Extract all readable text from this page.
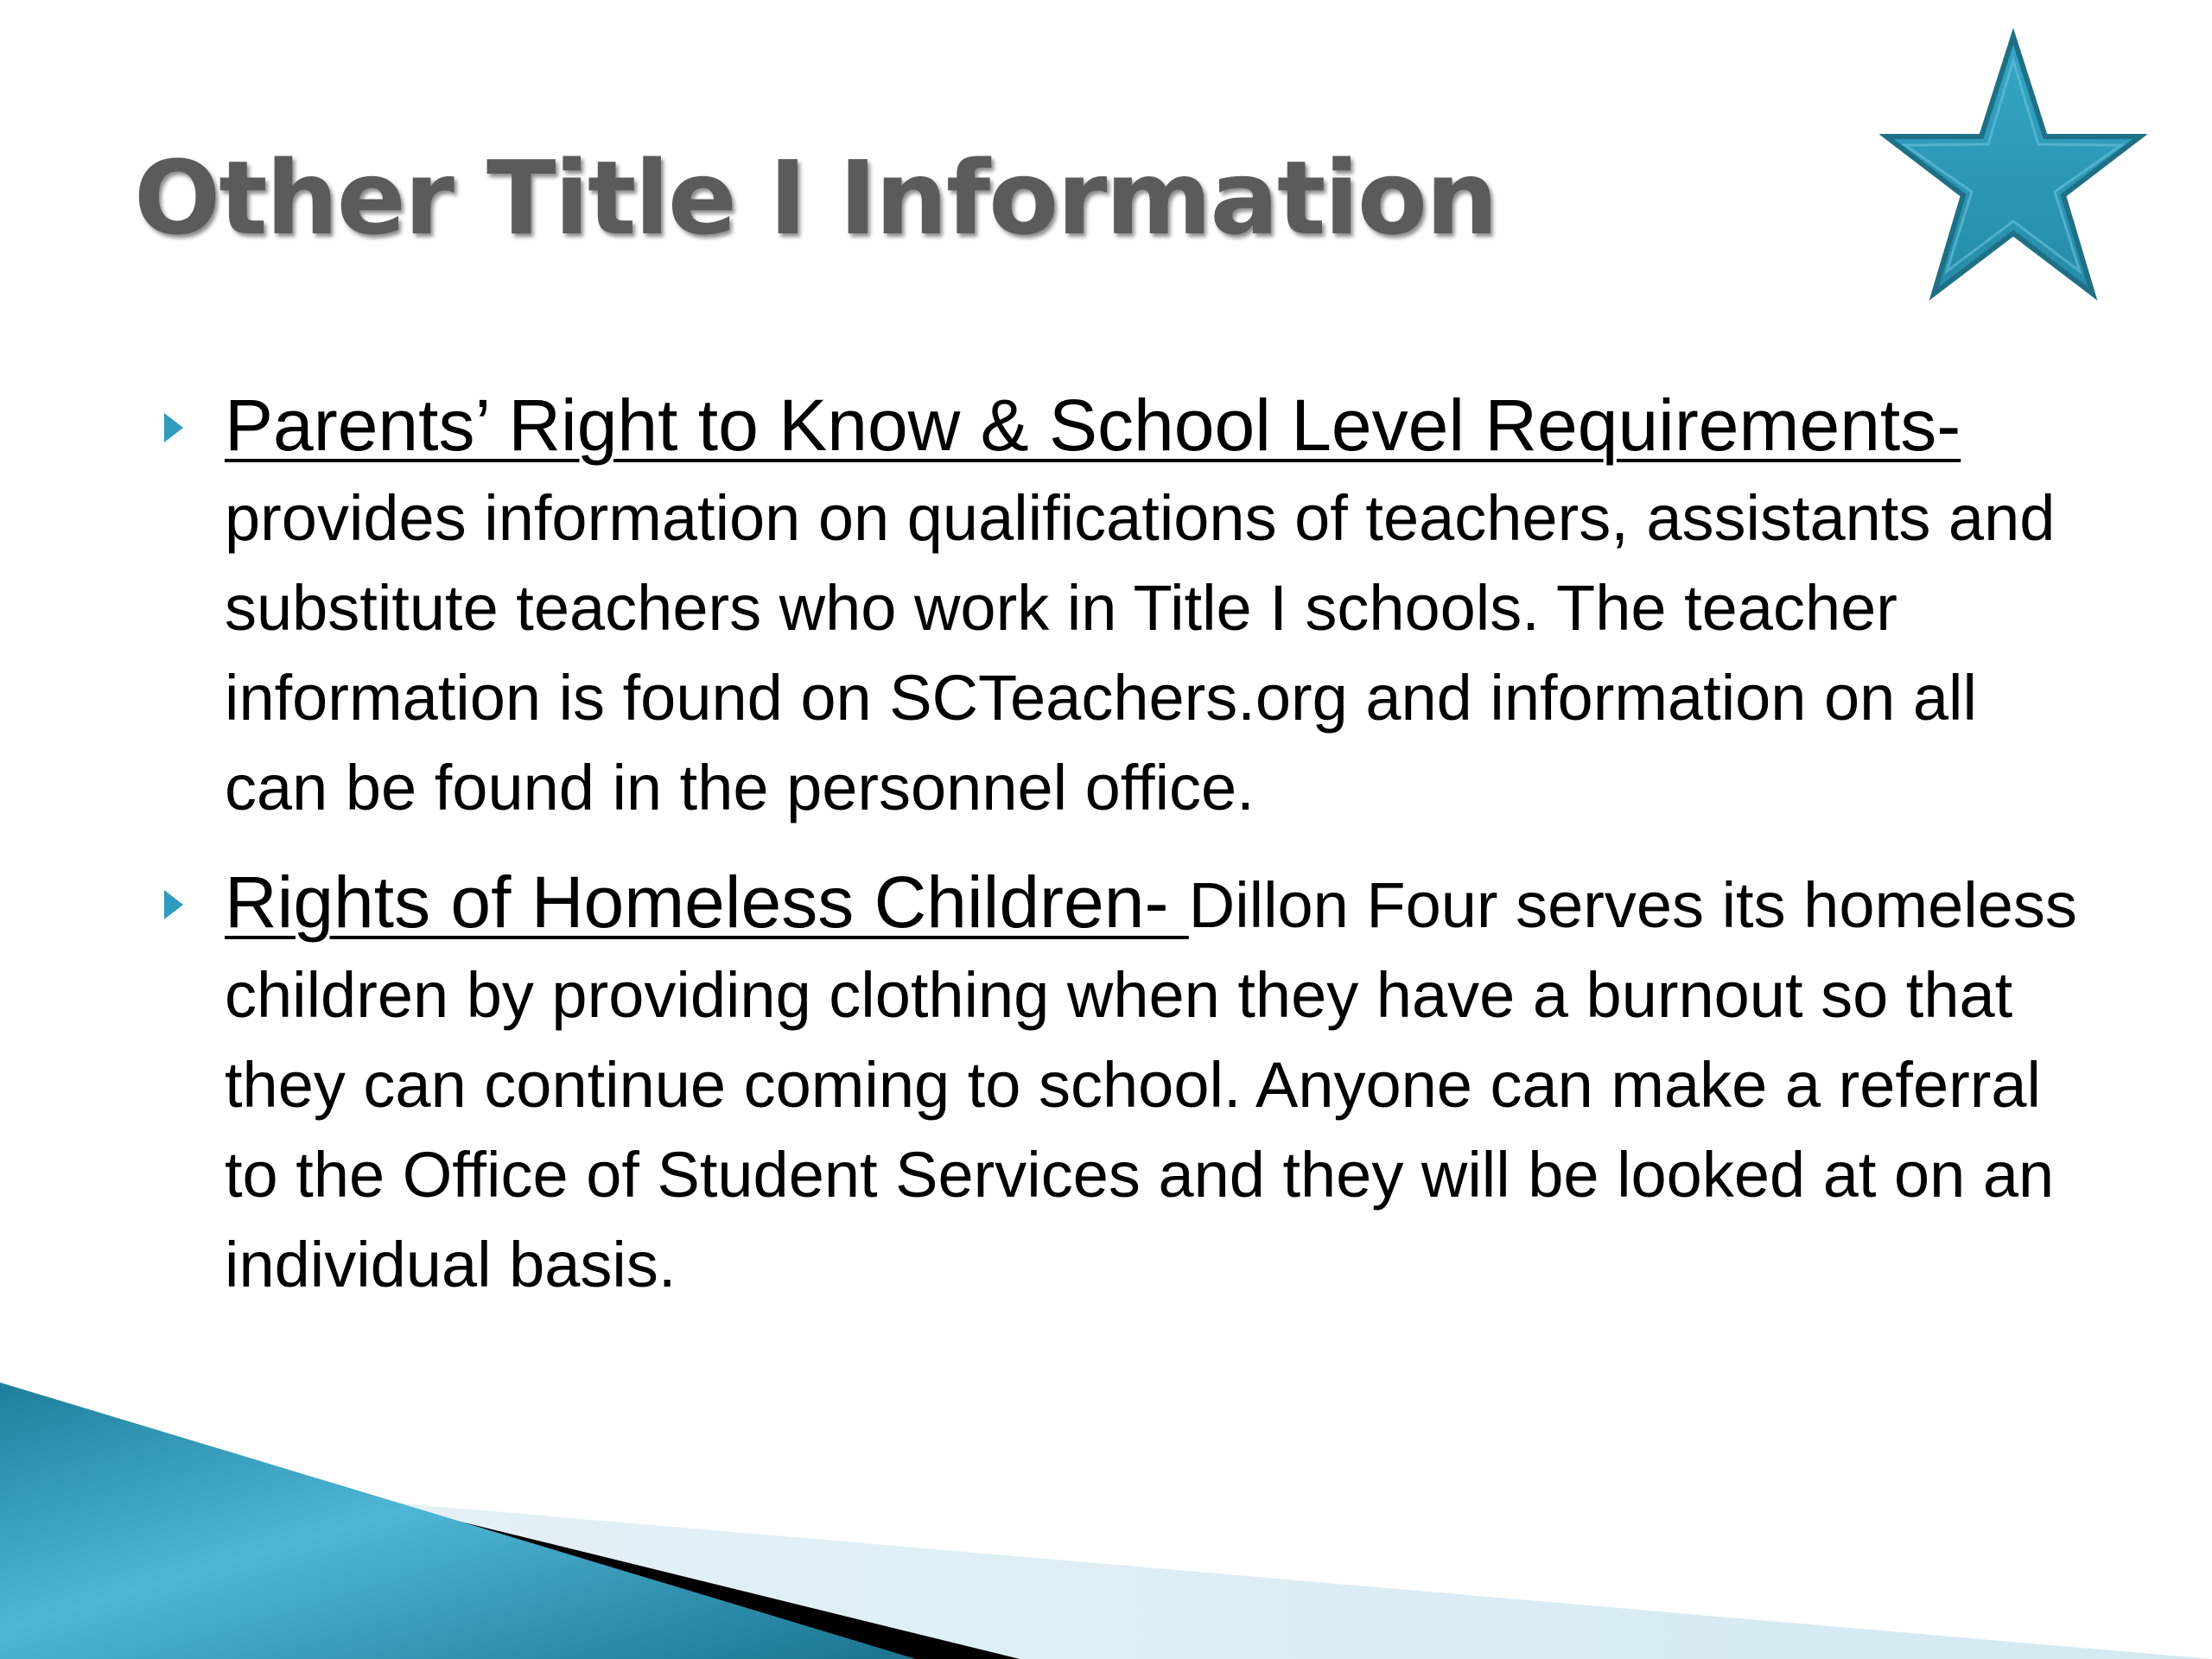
Other Title I Information

Parents’ Right to Know & School Level Requirements- provides information on qualifications of teachers, assistants and substitute teachers who work in Title I schools. The teacher information is found on SCTeachers.org and information on all can be found in the personnel office.

Rights of Homeless Children- Dillon Four serves its homeless children by providing clothing when they have a burnout so that they can continue coming to school. Anyone can make a referral to the Office of Student Services and they will be looked at on an individual basis.
